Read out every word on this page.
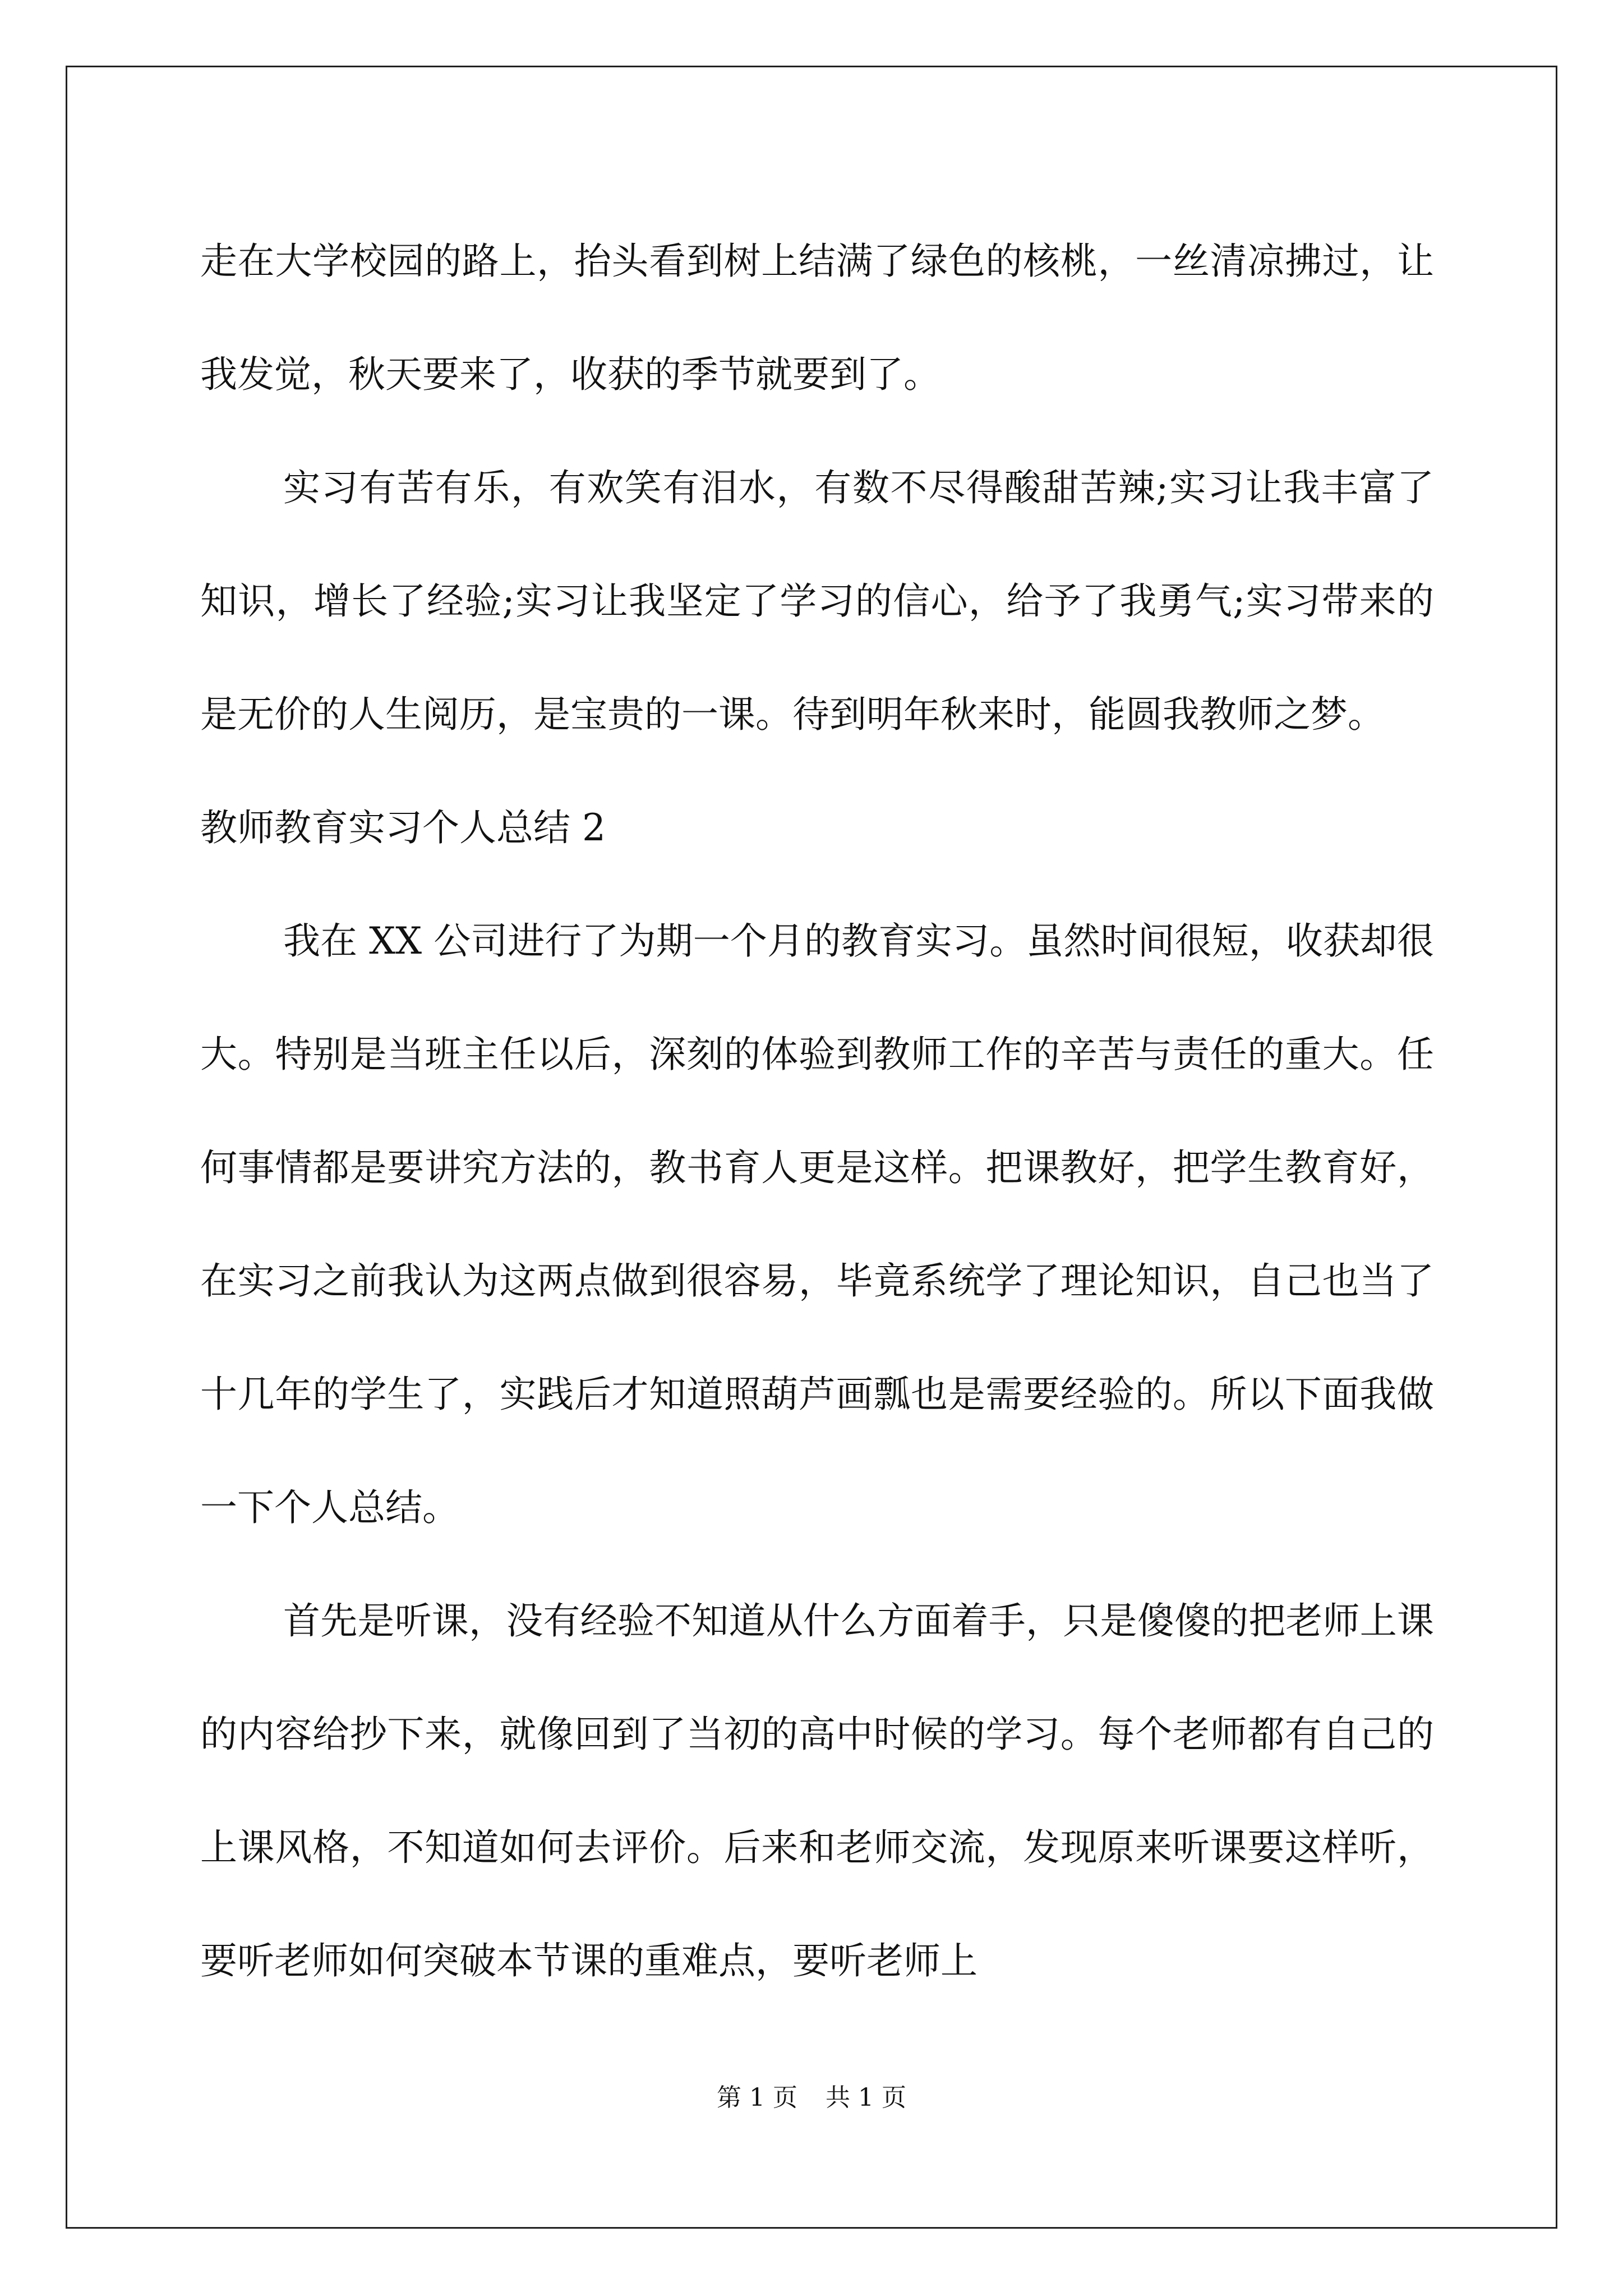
走在大学校园的路上，抬头看到树上结满了绿色的核桃，一丝清凉拂过，让我发觉，秋天要来了，收获的季节就要到了。

实习有苦有乐，有欢笑有泪水，有数不尽得酸甜苦辣;实习让我丰富了知识，增长了经验;实习让我坚定了学习的信心，给予了我勇气;实习带来的是无价的人生阅历，是宝贵的一课。待到明年秋来时，能圆我教师之梦。

教师教育实习个人总结 2

我在 XX 公司进行了为期一个月的教育实习。虽然时间很短，收获却很大。特别是当班主任以后，深刻的体验到教师工作的辛苦与责任的重大。任何事情都是要讲究方法的，教书育人更是这样。把课教好，把学生教育好，在实习之前我认为这两点做到很容易，毕竟系统学了理论知识，自己也当了十几年的学生了，实践后才知道照葫芦画瓢也是需要经验的。所以下面我做一下个人总结。

首先是听课，没有经验不知道从什么方面着手，只是傻傻的把老师上课的内容给抄下来，就像回到了当初的高中时候的学习。每个老师都有自己的上课风格，不知道如何去评价。后来和老师交流，发现原来听课要这样听，要听老师如何突破本节课的重难点，要听老师上

第 1 页 共 1 页
